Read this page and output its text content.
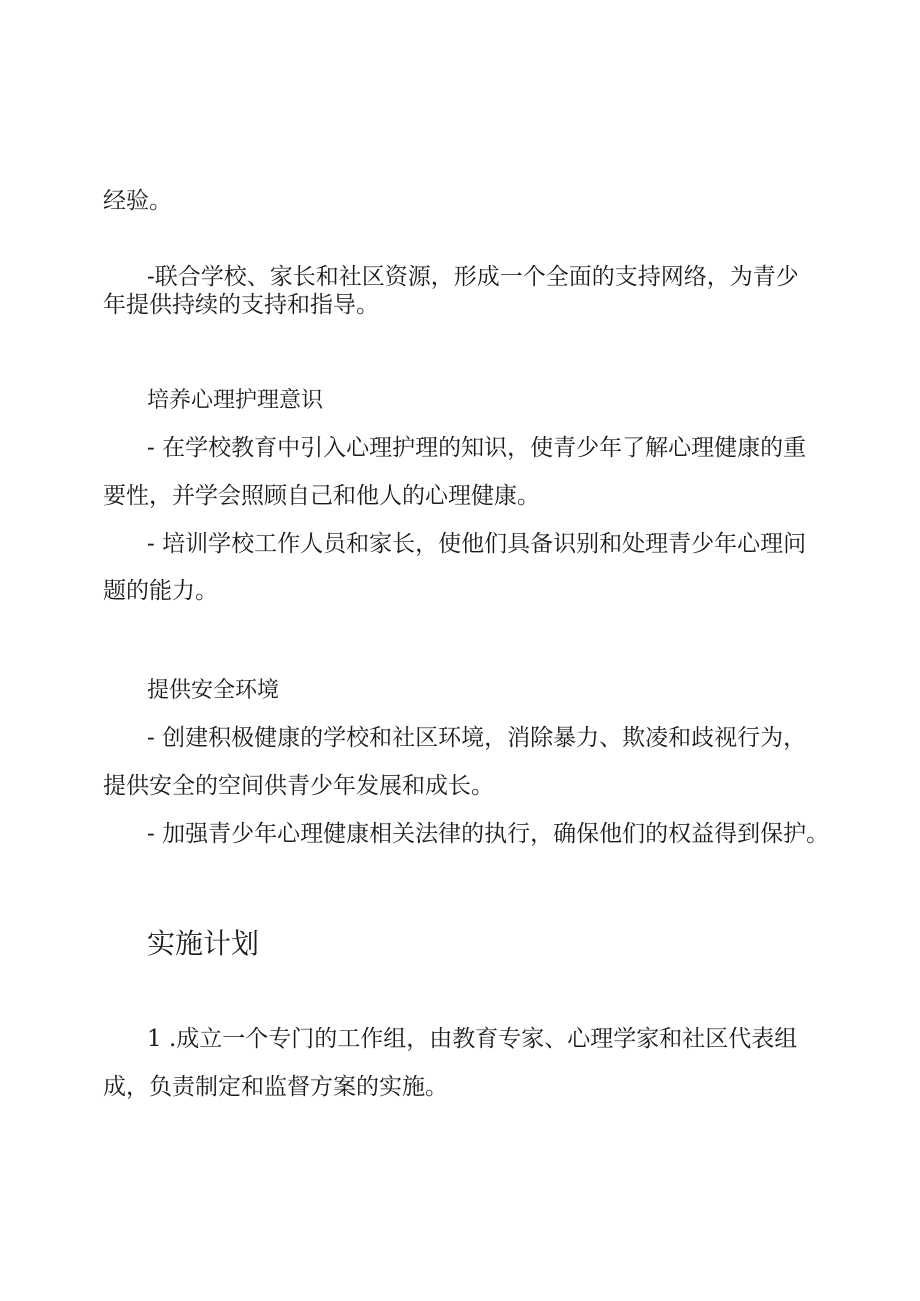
经验。

-联合学校、家长和社区资源，形成一个全面的支持网络，为青少

年提供持续的支持和指导。

培养心理护理意识

- 在学校教育中引入心理护理的知识，使青少年了解心理健康的重

要性，并学会照顾自己和他人的心理健康。

- 培训学校工作人员和家长，使他们具备识别和处理青少年心理问

题的能力。

提供安全环境

- 创建积极健康的学校和社区环境，消除暴力、欺凌和歧视行为，

提供安全的空间供青少年发展和成长。

- 加强青少年心理健康相关法律的执行，确保他们的权益得到保护。

实施计划

1 .成立一个专门的工作组，由教育专家、心理学家和社区代表组

成，负责制定和监督方案的实施。
